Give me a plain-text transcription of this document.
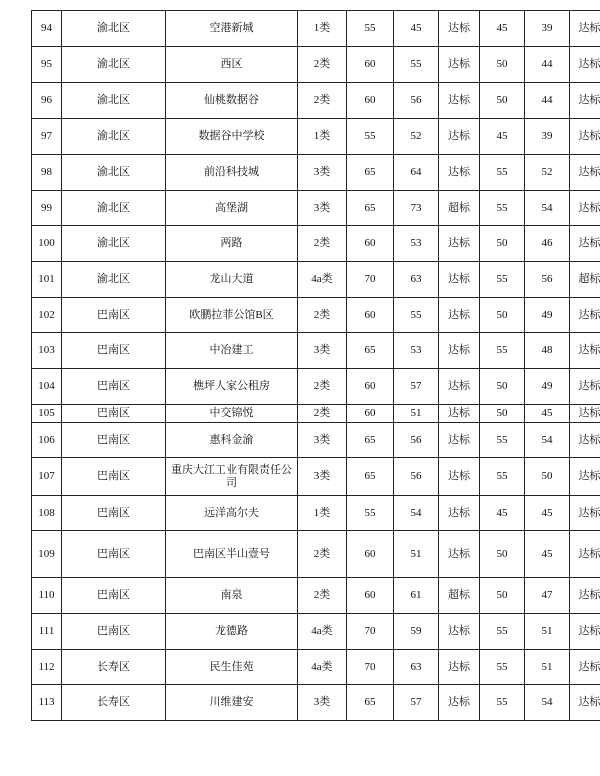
94	渝北区	空港新城	1类	55	45	达标	45	39	达标
95	渝北区	西区	2类	60	55	达标	50	44	达标
96	渝北区	仙桃数据谷	2类	60	56	达标	50	44	达标
97	渝北区	数据谷中学校	1类	55	52	达标	45	39	达标
98	渝北区	前沿科技城	3类	65	64	达标	55	52	达标
99	渝北区	高堡湖	3类	65	73	超标	55	54	达标
100	渝北区	两路	2类	60	53	达标	50	46	达标
101	渝北区	龙山大道	4a类	70	63	达标	55	56	超标
102	巴南区	欧鹏拉菲公馆B区	2类	60	55	达标	50	49	达标
103	巴南区	中冶建工	3类	65	53	达标	55	48	达标
104	巴南区	樵坪人家公租房	2类	60	57	达标	50	49	达标
105	巴南区	中交锦悦	2类	60	51	达标	50	45	达标
106	巴南区	惠科金渝	3类	65	56	达标	55	54	达标
107	巴南区	重庆大江工业有限责任公司	3类	65	56	达标	55	50	达标
108	巴南区	远洋高尔夫	1类	55	54	达标	45	45	达标
109	巴南区	巴南区半山壹号	2类	60	51	达标	50	45	达标
110	巴南区	南泉	2类	60	61	超标	50	47	达标
111	巴南区	龙德路	4a类	70	59	达标	55	51	达标
112	长寿区	民生佳苑	4a类	70	63	达标	55	51	达标
113	长寿区	川维建安	3类	65	57	达标	55	54	达标
